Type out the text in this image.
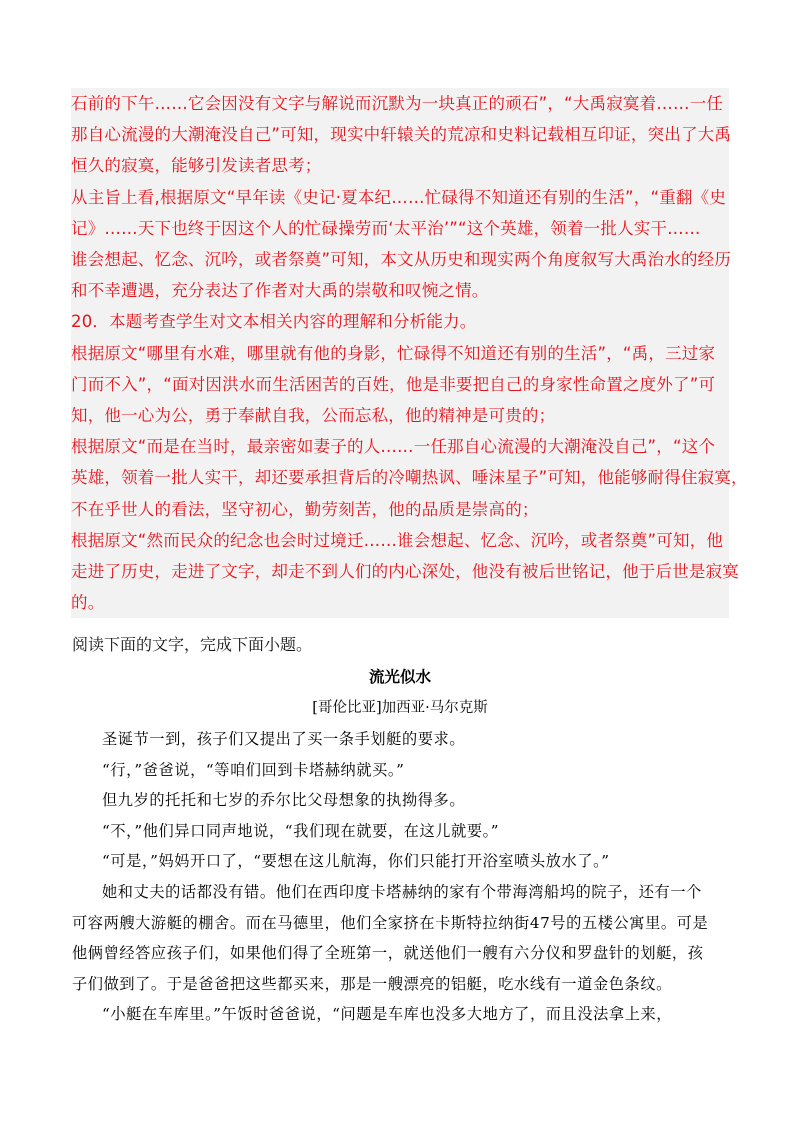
石前的下午……它会因没有文字与解说而沉默为一块真正的顽石”，“大禹寂寞着……一任
那自心流漫的大潮淹没自己”可知，现实中轩辕关的荒凉和史料记载相互印证，突出了大禹
恒久的寂寞，能够引发读者思考；
从主旨上看,根据原文“早年读《史记·夏本纪……忙碌得不知道还有别的生活”，“重翻《史
记》……天下也终于因这个人的忙碌操劳而‘太平治’”“这个英雄，领着一批人实干……
谁会想起、忆念、沉吟，或者祭奠”可知，本文从历史和现实两个角度叙写大禹治水的经历
和不幸遭遇，充分表达了作者对大禹的崇敬和叹惋之情。
20．本题考查学生对文本相关内容的理解和分析能力。
根据原文“哪里有水难，哪里就有他的身影，忙碌得不知道还有别的生活”，“禹，三过家
门而不入”，“面对因洪水而生活困苦的百姓，他是非要把自己的身家性命置之度外了”可
知，他一心为公，勇于奉献自我，公而忘私，他的精神是可贵的；
根据原文“而是在当时，最亲密如妻子的人……一任那自心流漫的大潮淹没自己”，“这个
英雄，领着一批人实干，却还要承担背后的冷嘲热讽、唾沫星子”可知，他能够耐得住寂寞，
不在乎世人的看法，坚守初心，勤劳刻苦，他的品质是崇高的；
根据原文“然而民众的纪念也会时过境迁……谁会想起、忆念、沉吟，或者祭奠”可知，他
走进了历史，走进了文字，却走不到人们的内心深处，他没有被后世铭记，他于后世是寂寞
的。
阅读下面的文字，完成下面小题。
流光似水
[哥伦比亚]加西亚·马尔克斯
圣诞节一到，孩子们又提出了买一条手划艇的要求。
“行，”爸爸说，“等咱们回到卡塔赫纳就买。”
但九岁的托托和七岁的乔尔比父母想象的执拗得多。
“不，”他们异口同声地说，“我们现在就要，在这儿就要。”
“可是，”妈妈开口了，“要想在这儿航海，你们只能打开浴室喷头放水了。”
她和丈夫的话都没有错。他们在西印度卡塔赫纳的家有个带海湾船坞的院子，还有一个
可容两艘大游艇的棚舍。而在马德里，他们全家挤在卡斯特拉纳街47号的五楼公寓里。可是
他俩曾经答应孩子们，如果他们得了全班第一，就送他们一艘有六分仪和罗盘针的划艇，孩
子们做到了。于是爸爸把这些都买来，那是一艘漂亮的铝艇，吃水线有一道金色条纹。
“小艇在车库里。”午饭时爸爸说，“问题是车库也没多大地方了，而且没法拿上来，
